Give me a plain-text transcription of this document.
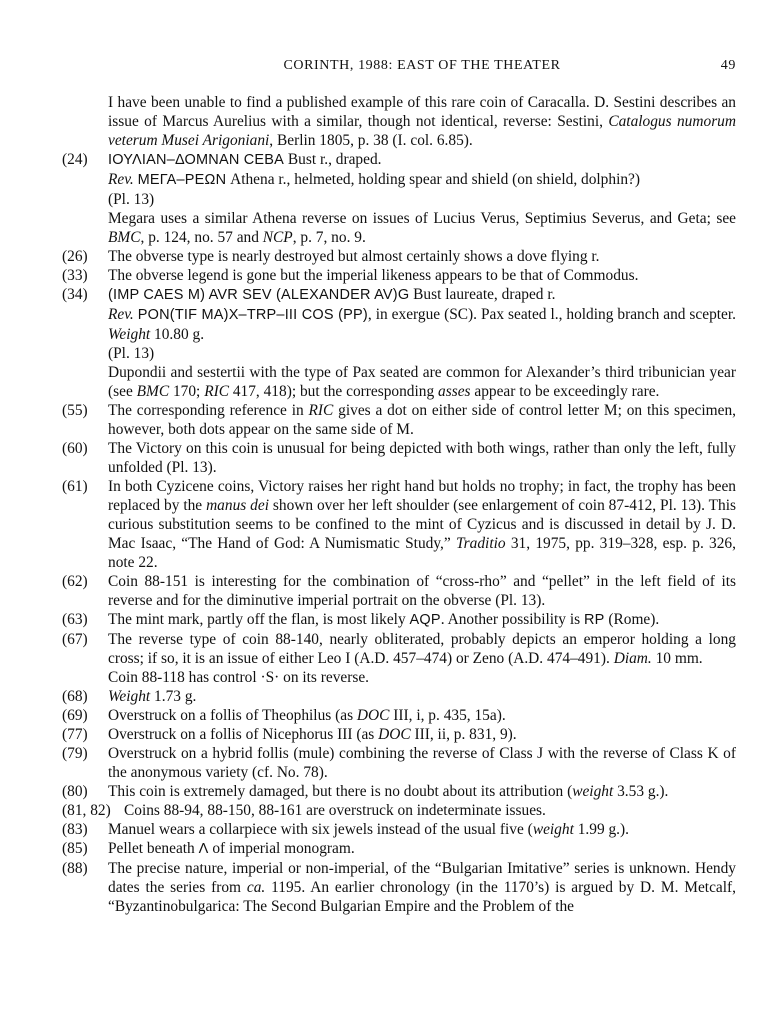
CORINTH, 1988: EAST OF THE THEATER	49

I have been unable to find a published example of this rare coin of Caracalla. D. Sestini describes an issue of Marcus Aurelius with a similar, though not identical, reverse: Sestini, Catalogus numorum veterum Musei Arigoniani, Berlin 1805, p. 38 (I. col. 6.85).

(24) ΙΟΥΛΙΑΝ–ΔΟΜΝΑΝ CEBA Bust r., draped.
Rev. ΜΕΓΑ–ΡΕΩΝ Athena r., helmeted, holding spear and shield (on shield, dolphin?)
(Pl. 13)
Megara uses a similar Athena reverse on issues of Lucius Verus, Septimius Severus, and Geta; see BMC, p. 124, no. 57 and NCP, p. 7, no. 9.
(26) The obverse type is nearly destroyed but almost certainly shows a dove flying r.
(33) The obverse legend is gone but the imperial likeness appears to be that of Commodus.
(34) (IMP CAES M) AVR SEV (ALEXANDER AV)G Bust laureate, draped r.
Rev. PON(TIF MA)X–TRP–III COS (PP), in exergue (SC). Pax seated l., holding branch and scepter. Weight 10.80 g.
(Pl. 13)
Dupondii and sestertii with the type of Pax seated are common for Alexander’s third tribunician year (see BMC 170; RIC 417, 418); but the corresponding asses appear to be exceedingly rare.
(55) The corresponding reference in RIC gives a dot on either side of control letter M; on this specimen, however, both dots appear on the same side of M.
(60) The Victory on this coin is unusual for being depicted with both wings, rather than only the left, fully unfolded (Pl. 13).
(61) In both Cyzicene coins, Victory raises her right hand but holds no trophy; in fact, the trophy has been replaced by the manus dei shown over her left shoulder (see enlargement of coin 87-412, Pl. 13). This curious substitution seems to be confined to the mint of Cyzicus and is discussed in detail by J. D. Mac Isaac, “The Hand of God: A Numismatic Study,” Traditio 31, 1975, pp. 319–328, esp. p. 326, note 22.
(62) Coin 88-151 is interesting for the combination of “cross-rho” and “pellet” in the left field of its reverse and for the diminutive imperial portrait on the obverse (Pl. 13).
(63) The mint mark, partly off the flan, is most likely AQP. Another possibility is RP (Rome).
(67) The reverse type of coin 88-140, nearly obliterated, probably depicts an emperor holding a long cross; if so, it is an issue of either Leo I (A.D. 457–474) or Zeno (A.D. 474–491). Diam. 10 mm.
Coin 88-118 has control ·S· on its reverse.
(68) Weight 1.73 g.
(69) Overstruck on a follis of Theophilus (as DOC III, i, p. 435, 15a).
(77) Overstruck on a follis of Nicephorus III (as DOC III, ii, p. 831, 9).
(79) Overstruck on a hybrid follis (mule) combining the reverse of Class J with the reverse of Class K of the anonymous variety (cf. No. 78).
(80) This coin is extremely damaged, but there is no doubt about its attribution (weight 3.53 g.).
(81, 82) Coins 88-94, 88-150, 88-161 are overstruck on indeterminate issues.
(83) Manuel wears a collarpiece with six jewels instead of the usual five (weight 1.99 g.).
(85) Pellet beneath Λ of imperial monogram.
(88) The precise nature, imperial or non-imperial, of the “Bulgarian Imitative” series is unknown. Hendy dates the series from ca. 1195. An earlier chronology (in the 1170’s) is argued by D. M. Metcalf, “Byzantinobulgarica: The Second Bulgarian Empire and the Problem of the
